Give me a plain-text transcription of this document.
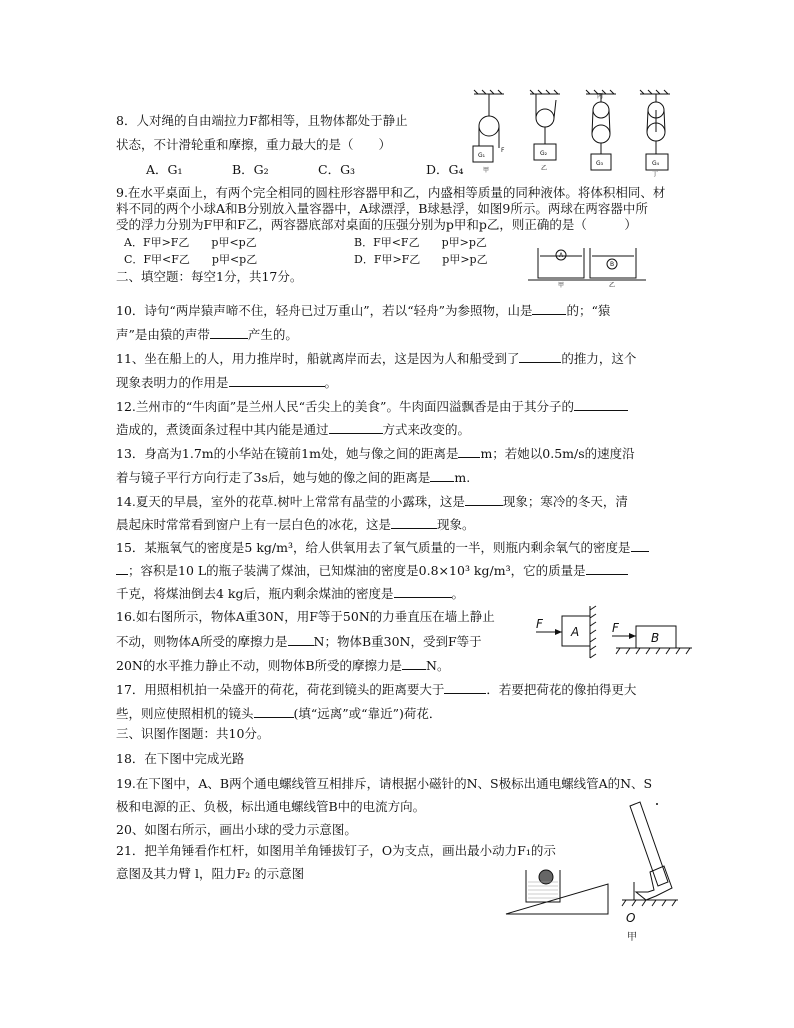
8．人对绳的自由端拉力F都相等，且物体都处于静止
状态，不计滑轮重和摩擦，重力最大的是（　　）
A．G₁	B．G₂	C．G₃	D．G₄
G₁	G₂
G₃	G₄
甲	乙
丙
丁
F
9.在水平桌面上，有两个完全相同的圆柱形容器甲和乙，内盛相等质量的同种液体。将体积相同、材
料不同的两个小球A和B分别放入量容器中，A球漂浮，B球悬浮，如图9所示。两球在两容器中所
受的浮力分别为F甲和F乙，两容器底部对桌面的压强分别为p甲和p乙，则正确的是（　　　）
A．F甲>F乙　　p甲<p乙	B．F甲<F乙　　p甲>p乙
C．F甲<F乙　　p甲<p乙	D．F甲>F乙　　p甲>p乙	A
B
甲	乙
二、填空题：每空1分，共17分。
10．诗句“两岸猿声啼不住，轻舟已过万重山”，若以“轻舟”为参照物，山是	的；“猿
声”是由猿的声带	产生的。
11、坐在船上的人，用力推岸时，船就离岸而去，这是因为人和船受到了	的推力，这个
现象表明力的作用是	。
12.兰州市的“牛肉面”是兰州人民“舌尖上的美食”。牛肉面四溢飘香是由于其分子的
造成的，煮烫面条过程中其内能是通过	方式来改变的。
13．身高为1.7m的小华站在镜前1m处，她与像之间的距离是 m；若她以0.5m/s的速度沿
着与镜子平行方向行走了3s后，她与她的像之间的距离是 m.
14.夏天的早晨，室外的花草.树叶上常常有晶莹的小露珠，这是	现象；寒冷的冬天，清
晨起床时常常看到窗户上有一层白色的冰花，这是	现象。
15．某瓶氧气的密度是5 kg/m³，给人供氧用去了氧气质量的一半，则瓶内剩余氧气的密度是
；容积是10 L的瓶子装满了煤油，已知煤油的密度是0.8×10³ kg/m³，它的质量是
千克，将煤油倒去4 kg后，瓶内剩余煤油的密度是	。
16.如右图所示，物体A重30N，用F等于50N的力垂直压在墙上静止
不动，则物体A所受的摩擦力是 N；物体B重30N，受到F等于
20N的水平推力静止不动，则物体B所受的摩擦力是 N。
F
A	F
B
17．用照相机拍一朵盛开的荷花，荷花到镜头的距离要大于	．若要把荷花的像拍得更大
些，则应使照相机的镜头	(填“远离”或“靠近”)荷花．
三、识图作图题：共10分。
18．在下图中完成光路
19.在下图中，A、B两个通电螺线管互相排斥，请根据小磁针的N、S极标出通电螺线管A的N、S
极和电源的正、负极，标出通电螺线管B中的电流方向。
20、如图右所示，画出小球的受力示意图。
21．把羊角锤看作杠杆，如图用羊角锤拔钉子，O为支点，画出最小动力F₁的示
意图及其力臂 l，阻力F₂ 的示意图
O
甲
